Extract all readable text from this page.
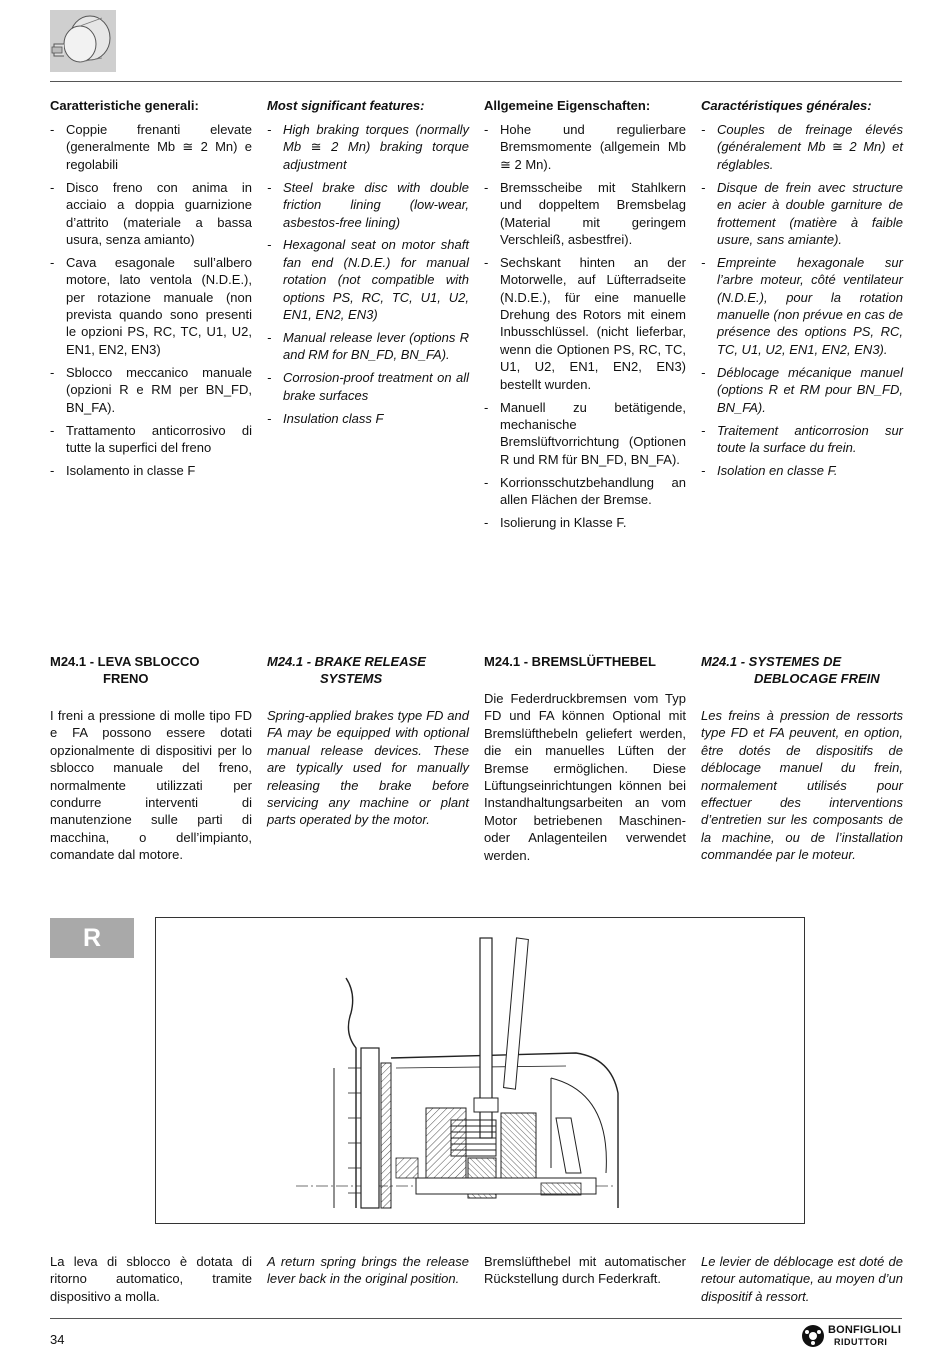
Caratteristiche generali:
- Coppie frenanti elevate (generalmente Mb ≅ 2 Mn) e regolabili
- Disco freno con anima in acciaio a doppia guarnizione d’attrito (materiale a bassa usura, senza amianto)
- Cava esagonale sull’albero motore, lato ventola (N.D.E.), per rotazione manuale (non prevista quando sono presenti le opzioni PS, RC, TC, U1, U2, EN1, EN2, EN3)
- Sblocco meccanico manuale (opzioni R e RM per BN_FD, BN_FA).
- Trattamento anticorrosivo di tutte la superfici del freno
- Isolamento in classe F
Most significant features:
- High braking torques (normally Mb ≅ 2 Mn) braking torque adjustment
- Steel brake disc with double friction lining (low-wear, asbestos-free lining)
- Hexagonal seat on motor shaft fan end (N.D.E.) for manual rotation (not compatible with options PS, RC, TC, U1, U2, EN1, EN2, EN3)
- Manual release lever (options R and RM for BN_FD, BN_FA).
- Corrosion-proof treatment on all brake surfaces
- Insulation class F
Allgemeine Eigenschaften:
- Hohe und regulierbare Bremsmomente (allgemein Mb ≅ 2 Mn).
- Bremsscheibe mit Stahlkern und doppeltem Bremsbelag (Material mit geringem Verschleiß, asbestfrei).
- Sechskant hinten an der Motorwelle, auf Lüfterradseite (N.D.E.), für eine manuelle Drehung des Rotors mit einem Inbusschlüssel. (nicht lieferbar, wenn die Optionen PS, RC, TC, U1, U2, EN1, EN2, EN3) bestellt wurden.
- Manuell zu betätigende, mechanische Bremslüftvorrichtung (Optionen R und RM für BN_FD, BN_FA).
- Korrionsschutzbehandlung an allen Flächen der Bremse.
- Isolierung in Klasse F.
Caractéristiques générales:
- Couples de freinage élevés (généralement Mb ≅ 2 Mn) et réglables.
- Disque de frein avec structure en acier à double garniture de frottement (matière à faible usure, sans amiante).
- Empreinte hexagonale sur l’arbre moteur, côté ventilateur (N.D.E.), pour la rotation manuelle (non prévue en cas de présence des options PS, RC, TC, U1, U2, EN1, EN2, EN3).
- Déblocage mécanique manuel (options R et RM pour BN_FD, BN_FA).
- Traitement anticorrosion sur toute la surface du frein.
- Isolation en classe F.

M24.1 - LEVA SBLOCCO
FRENO

I freni a pressione di molle tipo FD e FA possono essere dotati opzionalmente di dispositivi per lo sblocco manuale del freno, normalmente utilizzati per condurre interventi di manutenzione sulle parti di macchina, o dell’impianto, comandate dal motore.

M24.1 - BRAKE RELEASE
SYSTEMS

Spring-applied brakes type FD and FA may be equipped with optional manual release devices. These are typically used for manually releasing the brake before servicing any machine or plant parts operated by the motor.

M24.1 - BREMSLÜFTHEBEL

Die Federdruckbremsen vom Typ FD und FA können Optional mit Bremslüfthebeln geliefert werden, die ein manuelles Lüften der Bremse ermöglichen. Diese Lüftungseinrichtungen können bei Instandhaltungsarbeiten an vom Motor betriebenen Maschinen- oder Anlagenteilen verwendet werden.

M24.1 - SYSTEMES DE
DEBLOCAGE FREIN

Les freins à pression de ressorts type FD et FA peuvent, en option, être dotés de dispositifs de déblocage manuel du frein, normalement utilisés pour effectuer des interventions d’entretien sur les composants de la machine, ou de l’installation commandée par le moteur.

R

La leva di sblocco è dotata di ritorno automatico, tramite dispositivo a molla.

A return spring brings the release lever back in the original position.

Bremslüfthebel mit automatischer Rückstellung durch Federkraft.

Le levier de déblocage est doté de retour automatique, au moyen d’un dispositif à ressort.

34
BONFIGLIOLI
RIDUTTORI
